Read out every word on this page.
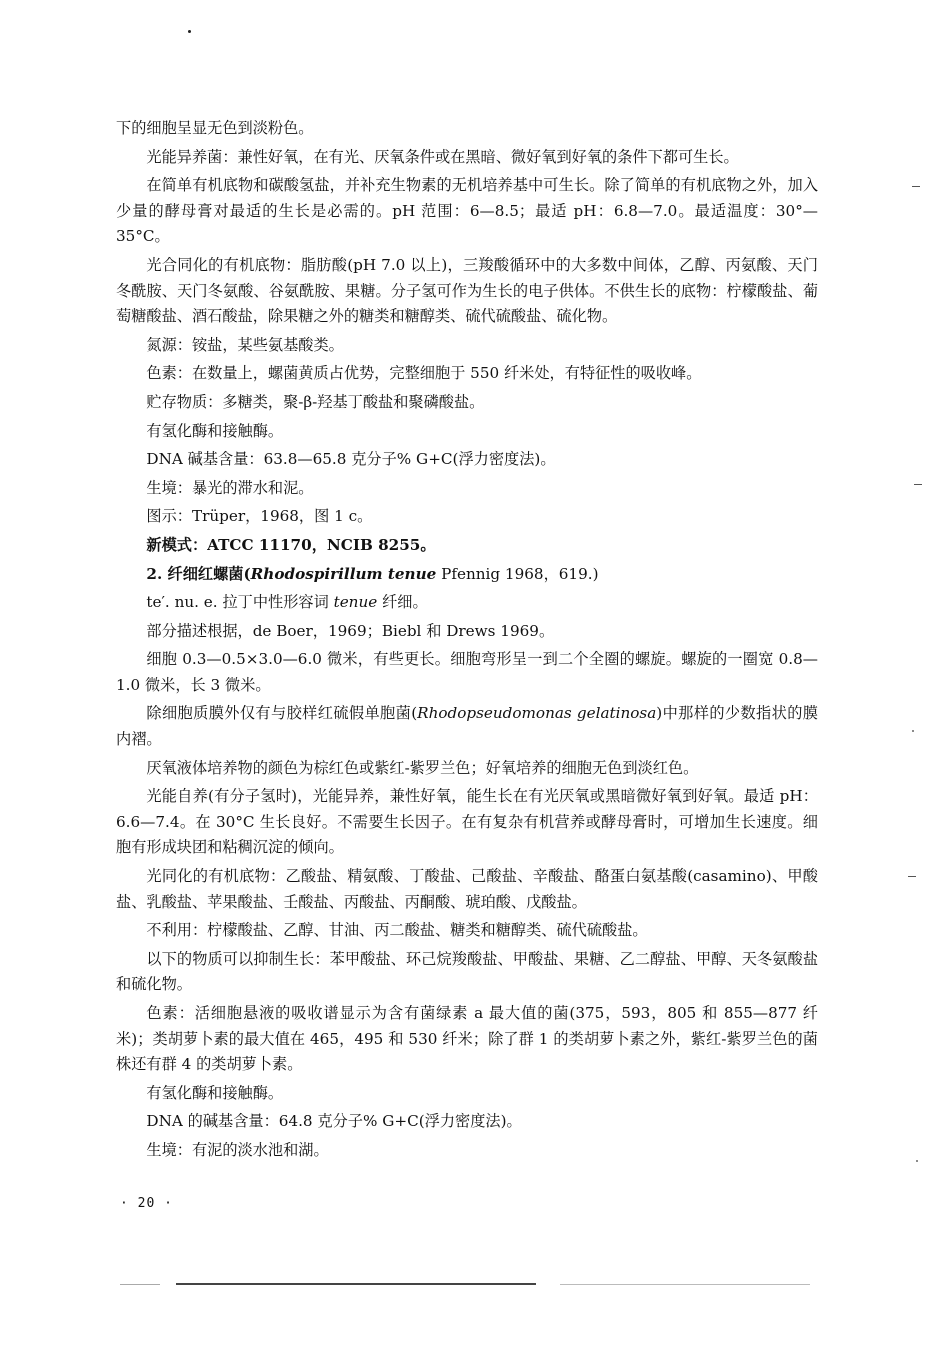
下的细胞呈显无色到淡粉色。

光能异养菌：兼性好氧，在有光、厌氧条件或在黑暗、微好氧到好氧的条件下都可生长。

在简单有机底物和碳酸氢盐，并补充生物素的无机培养基中可生长。除了简单的有机底物之外，加入少量的酵母膏对最适的生长是必需的。pH 范围：6—8.5；最适 pH：6.8—7.0。最适温度：30°—35°C。

光合同化的有机底物：脂肪酸(pH 7.0 以上)，三羧酸循环中的大多数中间体，乙醇、丙氨酸、天门冬酰胺、天门冬氨酸、谷氨酰胺、果糖。分子氢可作为生长的电子供体。不供生长的底物：柠檬酸盐、葡萄糖酸盐、酒石酸盐，除果糖之外的糖类和糖醇类、硫代硫酸盐、硫化物。

氮源：铵盐，某些氨基酸类。

色素：在数量上，螺菌黄质占优势，完整细胞于 550 纤米处，有特征性的吸收峰。

贮存物质：多糖类，聚-β-羟基丁酸盐和聚磷酸盐。

有氢化酶和接触酶。

DNA 碱基含量：63.8—65.8 克分子% G+C(浮力密度法)。

生境：暴光的滞水和泥。

图示：Trüper，1968，图 1 c。

新模式：ATCC 11170，NCIB 8255。

2. 纤细红螺菌(Rhodospirillum tenue Pfennig 1968，619.)

te′. nu. e. 拉丁中性形容词 tenue 纤细。

部分描述根据，de Boer，1969；Biebl 和 Drews 1969。

细胞 0.3—0.5×3.0—6.0 微米，有些更长。细胞弯形呈一到二个全圈的螺旋。螺旋的一圈宽 0.8—1.0 微米，长 3 微米。

除细胞质膜外仅有与胶样红硫假单胞菌(Rhodopseudomonas gelatinosa)中那样的少数指状的膜内褶。

厌氧液体培养物的颜色为棕红色或紫红-紫罗兰色；好氧培养的细胞无色到淡红色。

光能自养(有分子氢时)，光能异养，兼性好氧，能生长在有光厌氧或黑暗微好氧到好氧。最适 pH：6.6—7.4。在 30°C 生长良好。不需要生长因子。在有复杂有机营养或酵母膏时，可增加生长速度。细胞有形成块团和粘稠沉淀的倾向。

光同化的有机底物：乙酸盐、精氨酸、丁酸盐、己酸盐、辛酸盐、酪蛋白氨基酸(casamino)、甲酸盐、乳酸盐、苹果酸盐、壬酸盐、丙酸盐、丙酮酸、琥珀酸、戊酸盐。

不利用：柠檬酸盐、乙醇、甘油、丙二酸盐、糖类和糖醇类、硫代硫酸盐。

以下的物质可以抑制生长：苯甲酸盐、环己烷羧酸盐、甲酸盐、果糖、乙二醇盐、甲醇、天冬氨酸盐和硫化物。

色素：活细胞悬液的吸收谱显示为含有菌绿素 a 最大值的菌(375，593，805 和 855—877 纤米)；类胡萝卜素的最大值在 465，495 和 530 纤米；除了群 1 的类胡萝卜素之外，紫红-紫罗兰色的菌株还有群 4 的类胡萝卜素。

有氢化酶和接触酶。

DNA 的碱基含量：64.8 克分子% G+C(浮力密度法)。

生境：有泥的淡水池和湖。

· 20 ·
